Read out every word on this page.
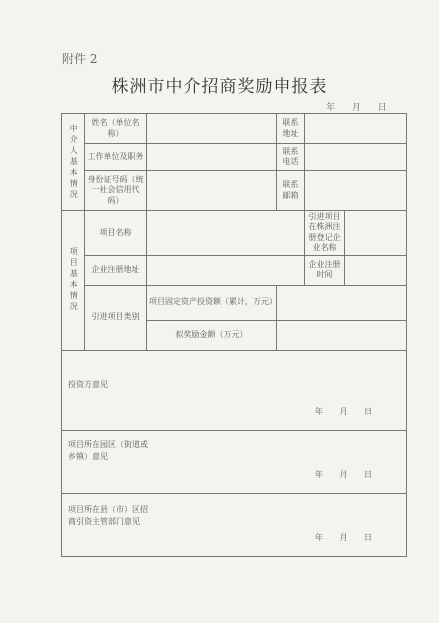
附件 2
株洲市中介招商奖励申报表
年 月 日
中介人基本情况	姓名（单位名称）		联系地址		
	工作单位及职务		联系电话		
	身份证号码（统一社会信用代码）		联系邮箱		
项目基本情况	项目名称			引进项目在株洲注册登记企业名称	
	企业注册地址			企业注册时间	
	引进项目类别	项目固定资产投资额（累计，万元）			
		拟奖励金额（万元）			

投资方意见
年 月 日					

项目所在园区（街道或乡镇）意见
年 月 日					

项目所在县（市）区招商引资主管部门意见
年 月 日					
